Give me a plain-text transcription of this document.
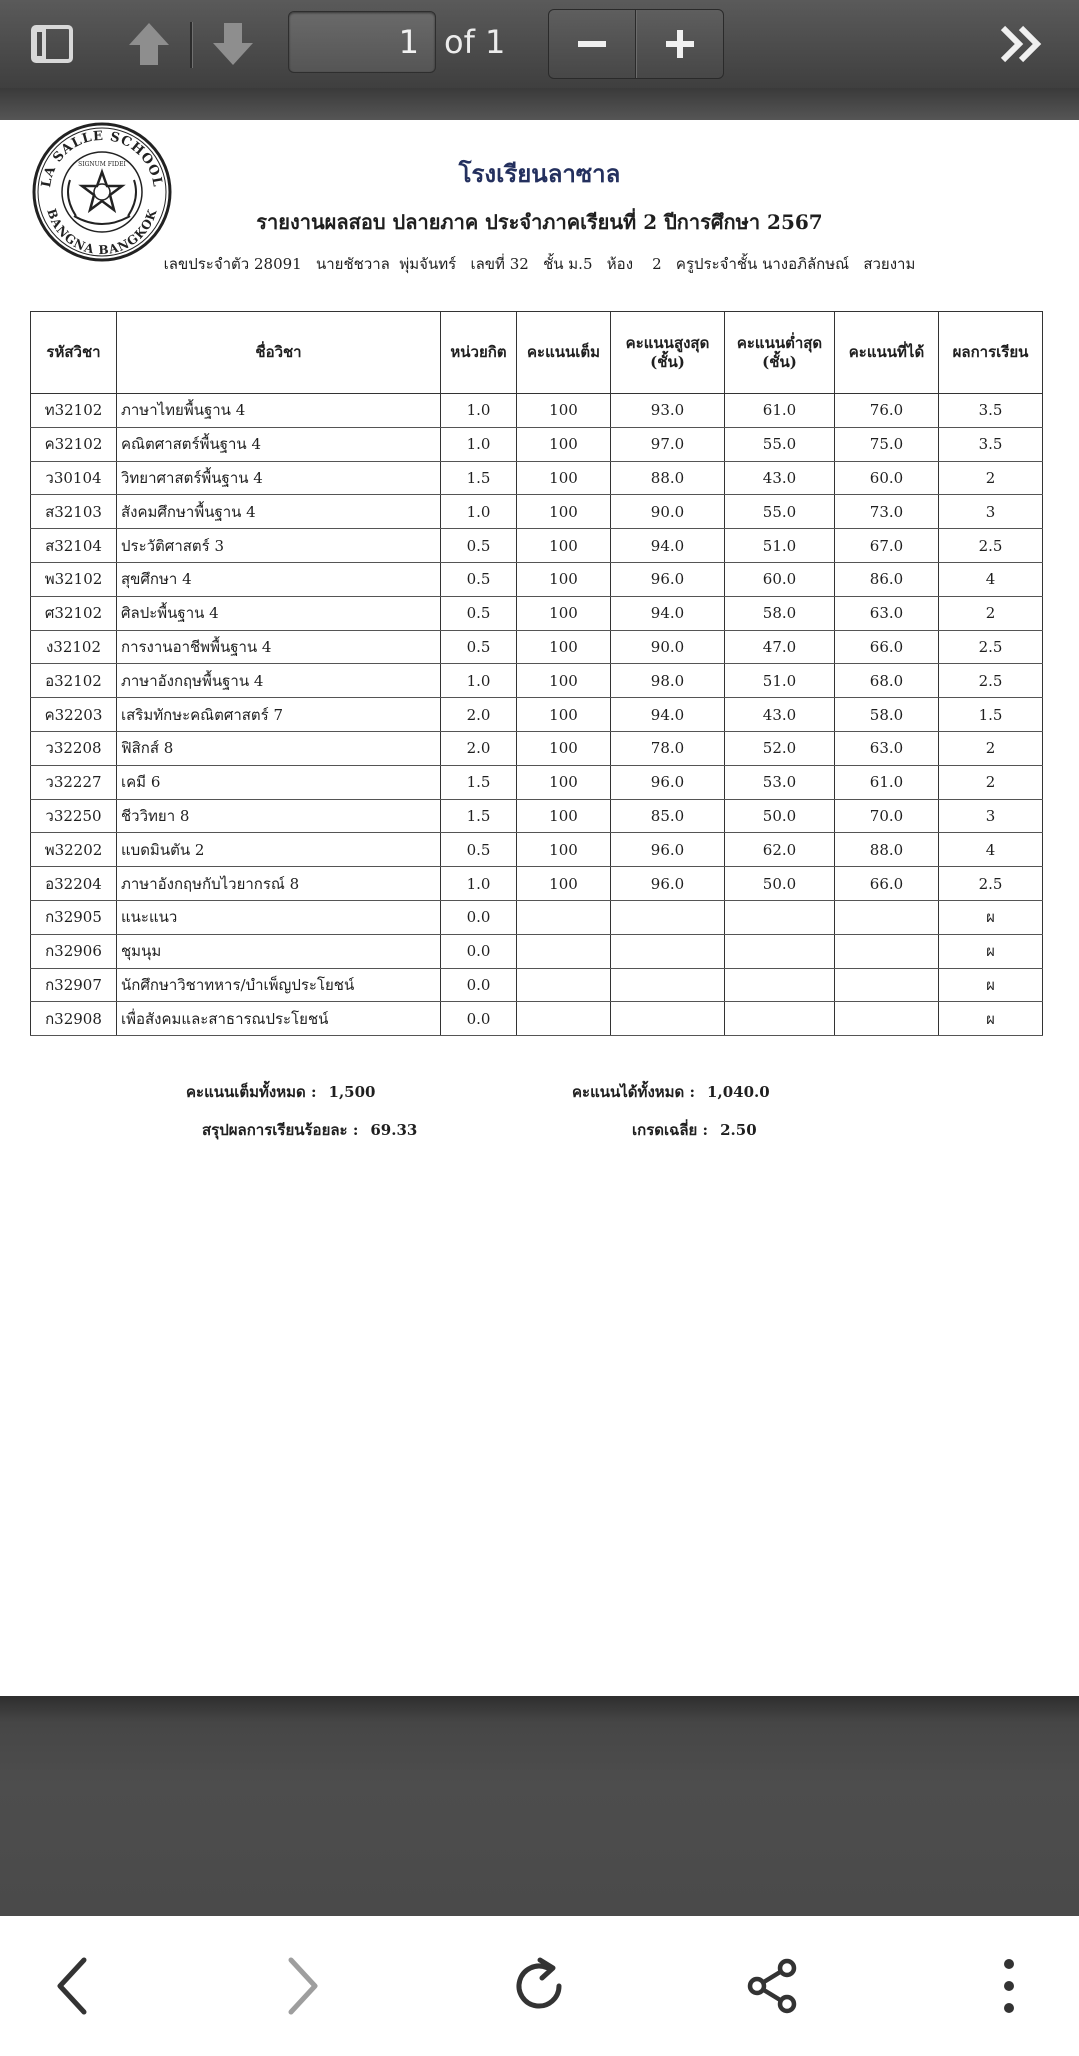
1
of 1
LA SALLE SCHOOL
BANGNA BANGKOK
SIGNUM FIDEI	โรงเรียนลาซาล
รายงานผลสอบ ปลายภาค ประจำภาคเรียนที่ 2 ปีการศึกษา 2567
เลขประจำตัว 28091   นายชัชวาล  พุ่มจันทร์   เลขที่ 32   ชั้น ม.5   ห้อง    2   ครูประจำชั้น นางอภิลักษณ์   สวยงาม
รหัสวิชา	ชื่อวิชา	หน่วยกิต	คะแนนเต็ม	คะแนนสูงสุด (ชั้น)	คะแนนต่ำสุด (ชั้น)	คะแนนที่ได้	ผลการเรียน
ท32102	ภาษาไทยพื้นฐาน 4	1.0	100	93.0	61.0	76.0	3.5
ค32102	คณิตศาสตร์พื้นฐาน 4	1.0	100	97.0	55.0	75.0	3.5
ว30104	วิทยาศาสตร์พื้นฐาน 4	1.5	100	88.0	43.0	60.0	2
ส32103	สังคมศึกษาพื้นฐาน 4	1.0	100	90.0	55.0	73.0	3
ส32104	ประวัติศาสตร์ 3	0.5	100	94.0	51.0	67.0	2.5
พ32102	สุขศึกษา 4	0.5	100	96.0	60.0	86.0	4
ศ32102	ศิลปะพื้นฐาน 4	0.5	100	94.0	58.0	63.0	2
ง32102	การงานอาชีพพื้นฐาน 4	0.5	100	90.0	47.0	66.0	2.5
อ32102	ภาษาอังกฤษพื้นฐาน 4	1.0	100	98.0	51.0	68.0	2.5
ค32203	เสริมทักษะคณิตศาสตร์ 7	2.0	100	94.0	43.0	58.0	1.5
ว32208	ฟิสิกส์ 8	2.0	100	78.0	52.0	63.0	2
ว32227	เคมี 6	1.5	100	96.0	53.0	61.0	2
ว32250	ชีววิทยา 8	1.5	100	85.0	50.0	70.0	3
พ32202	แบดมินตัน 2	0.5	100	96.0	62.0	88.0	4
อ32204	ภาษาอังกฤษกับไวยากรณ์ 8	1.0	100	96.0	50.0	66.0	2.5
ก32905	แนะแนว	0.0					ผ
ก32906	ชุมนุม	0.0					ผ
ก32907	นักศึกษาวิชาทหาร/บำเพ็ญประโยชน์	0.0					ผ
ก32908	เพื่อสังคมและสาธารณประโยชน์	0.0					ผ
คะแนนเต็มทั้งหมด : 1,500	คะแนนได้ทั้งหมด : 1,040.0
สรุปผลการเรียนร้อยละ : 69.33	เกรดเฉลี่ย : 2.50
